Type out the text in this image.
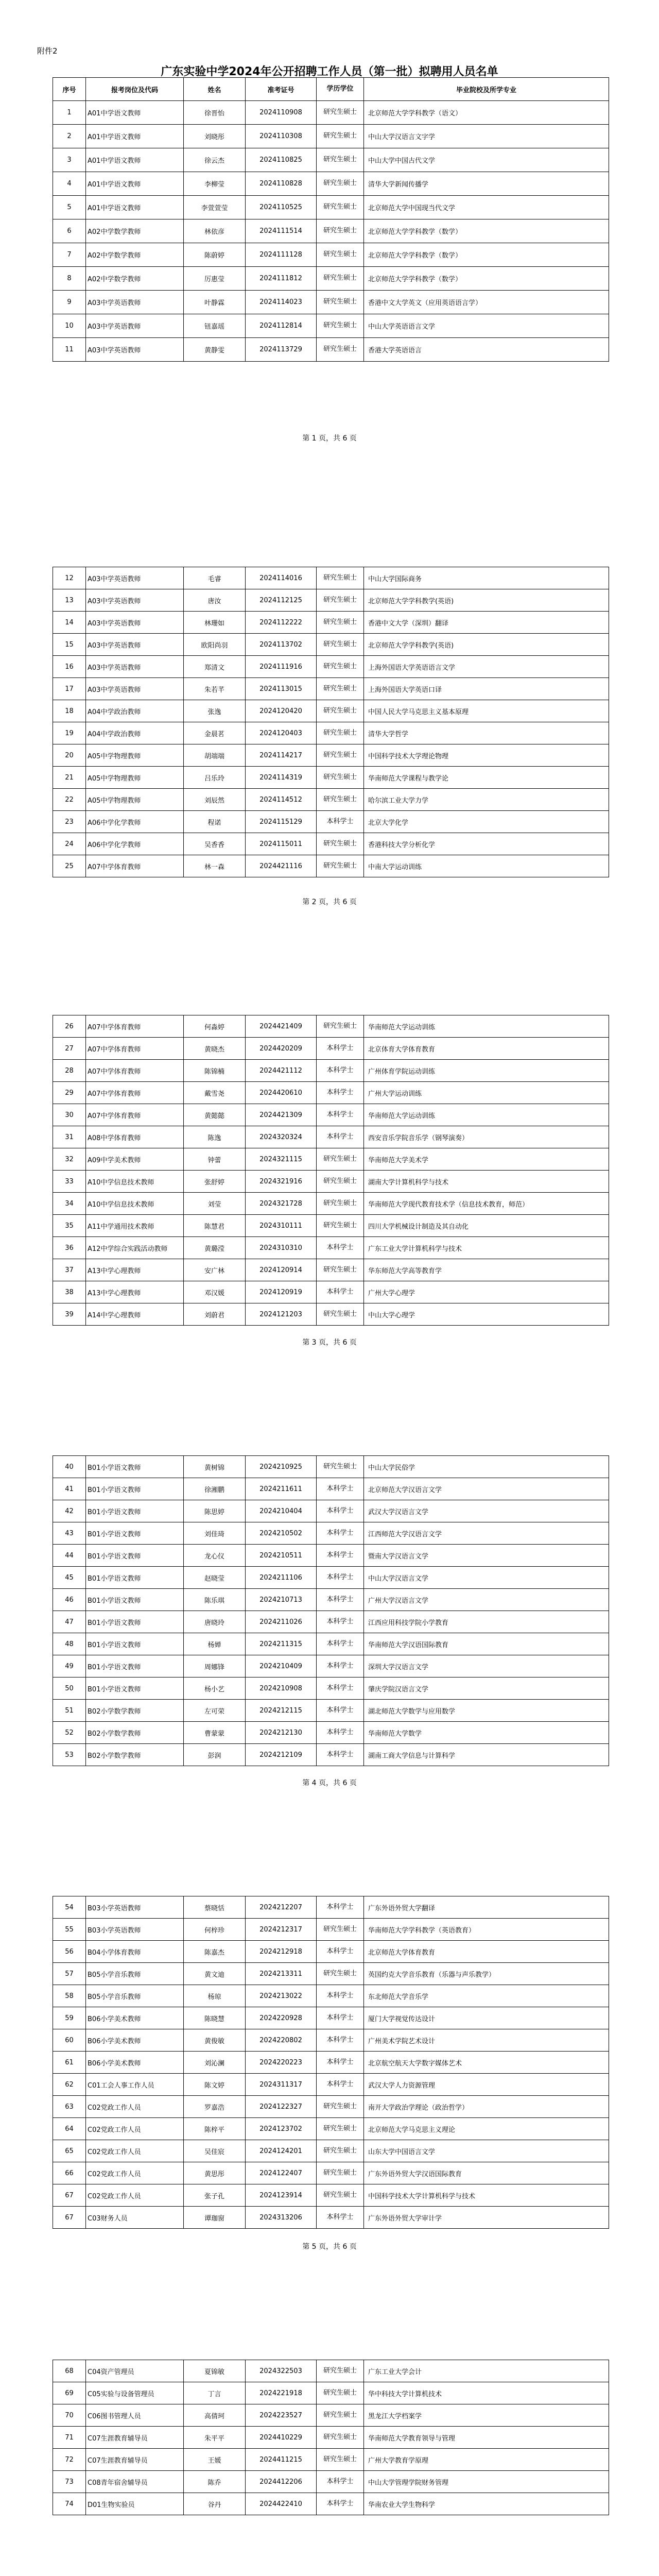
附件2
广东实验中学2024年公开招聘工作人员（第一批）拟聘用人员名单
序号	报考岗位及代码	姓名	准考证号	学历学位	毕业院校及所学专业
1	A01中学语文教师	徐晋怡	2024110908	研究生硕士	北京师范大学学科教学（语文）
2	A01中学语文教师	刘晓彤	2024110308	研究生硕士	中山大学汉语言文字学
3	A01中学语文教师	徐云杰	2024110825	研究生硕士	中山大学中国古代文学
4	A01中学语文教师	李柳莹	2024110828	研究生硕士	清华大学新闻传播学
5	A01中学语文教师	李萱萱莹	2024110525	研究生硕士	北京师范大学中国现当代文学
6	A02中学数学教师	林依彦	2024111514	研究生硕士	北京师范大学学科教学（数学）
7	A02中学数学教师	陈蔚婷	2024111128	研究生硕士	北京师范大学学科教学（数学）
8	A02中学数学教师	厉惠莹	2024111812	研究生硕士	北京师范大学学科教学（数学）
9	A03中学英语教师	叶静霖	2024114023	研究生硕士	香港中文大学英文（应用英语语言学）
10	A03中学英语教师	钮嘉瑶	2024112814	研究生硕士	中山大学英语语言文学
11	A03中学英语教师	黄静雯	2024113729	研究生硕士	香港大学英语语言
第 1 页，共 6 页
12	A03中学英语教师	毛睿	2024114016	研究生硕士	中山大学国际商务
13	A03中学英语教师	唐汝	2024112125	研究生硕士	北京师范大学学科教学(英语)
14	A03中学英语教师	林珊如	2024112222	研究生硕士	香港中文大学（深圳）翻译
15	A03中学英语教师	欧阳尚羽	2024113702	研究生硕士	北京师范大学学科教学(英语)
16	A03中学英语教师	郑清文	2024111916	研究生硕士	上海外国语大学英语语言文学
17	A03中学英语教师	朱若芊	2024113015	研究生硕士	上海外国语大学英语口译
18	A04中学政治教师	张逸	2024120420	研究生硕士	中国人民大学马克思主义基本原理
19	A04中学政治教师	金晨茗	2024120403	研究生硕士	清华大学哲学
20	A05中学物理教师	胡端端	2024114217	研究生硕士	中国科学技术大学理论物理
21	A05中学物理教师	吕乐玲	2024114319	研究生硕士	华南师范大学课程与教学论
22	A05中学物理教师	刘辰然	2024114512	研究生硕士	哈尔滨工业大学力学
23	A06中学化学教师	程诺	2024115129	本科学士	北京大学化学
24	A06中学化学教师	吴香香	2024115011	研究生硕士	香港科技大学分析化学
25	A07中学体育教师	林一森	2024421116	研究生硕士	中南大学运动训练
第 2 页，共 6 页
26	A07中学体育教师	何淼婷	2024421409	研究生硕士	华南师范大学运动训练
27	A07中学体育教师	黄晓杰	2024420209	本科学士	北京体育大学体育教育
28	A07中学体育教师	陈锦楠	2024421112	本科学士	广州体育学院运动训练
29	A07中学体育教师	戴雪尧	2024420610	本科学士	广州大学运动训练
30	A07中学体育教师	黄懿懿	2024421309	本科学士	华南师范大学运动训练
31	A08中学体育教师	陈逸	2024320324	本科学士	西安音乐学院音乐学（钢琴演奏）
32	A09中学美术教师	钟蕾	2024321115	研究生硕士	华南师范大学美术学
33	A10中学信息技术教师	张舒婷	2024321916	研究生硕士	湖南大学计算机科学与技术
34	A10中学信息技术教师	刘莹	2024321728	研究生硕士	华南师范大学现代教育技术学（信息技术教育，师范）
35	A11中学通用技术教师	陈慧君	2024310111	研究生硕士	四川大学机械设计制造及其自动化
36	A12中学综合实践活动教师	黄璐滢	2024310310	本科学士	广东工业大学计算机科学与技术
37	A13中学心理教师	安广林	2024120914	研究生硕士	华东师范大学高等教育学
38	A13中学心理教师	邓汉媛	2024120919	本科学士	广州大学心理学
39	A14中学心理教师	刘蔚君	2024121203	研究生硕士	中山大学心理学
第 3 页，共 6 页
40	B01小学语文教师	黄树锦	2024210925	研究生硕士	中山大学民俗学
41	B01小学语文教师	徐湘鹏	2024211611	本科学士	北京师范大学汉语言文学
42	B01小学语文教师	陈思婷	2024210404	本科学士	武汉大学汉语言文学
43	B01小学语文教师	刘佳琦	2024210502	本科学士	江西师范大学汉语言文学
44	B01小学语文教师	龙心仪	2024210511	本科学士	暨南大学汉语言文学
45	B01小学语文教师	赵晓莹	2024211106	本科学士	中山大学汉语言文学
46	B01小学语文教师	陈乐琪	2024210713	本科学士	广州大学汉语言文学
47	B01小学语文教师	唐晓玲	2024211026	本科学士	江西应用科技学院小学教育
48	B01小学语文教师	杨婵	2024211315	本科学士	华南师范大学汉语国际教育
49	B01小学语文教师	周娜锋	2024210409	本科学士	深圳大学汉语言文学
50	B01小学语文教师	杨小艺	2024210908	本科学士	肇庆学院汉语言文学
51	B02小学数学教师	左可荣	2024212115	本科学士	湖北师范大学数学与应用数学
52	B02小学数学教师	曹蒙蒙	2024212130	本科学士	华南师范大学数学
53	B02小学数学教师	彭润	2024212109	本科学士	湖南工商大学信息与计算科学
第 4 页，共 6 页
54	B03小学英语教师	蔡晓恬	2024212207	本科学士	广东外语外贸大学翻译
55	B03小学英语教师	何梓珍	2024212317	研究生硕士	华南师范大学学科教学（英语教育）
56	B04小学体育教师	陈嘉杰	2024212918	本科学士	北京师范大学体育教育
57	B05小学音乐教师	黄文迪	2024213311	研究生硕士	英国约克大学音乐教育（乐器与声乐教学）
58	B05小学音乐教师	杨琼	2024213022	本科学士	东北师范大学音乐学
59	B06小学美术教师	陈晓慧	2024220928	本科学士	厦门大学视觉传达设计
60	B06小学美术教师	黄俊敏	2024220802	本科学士	广州美术学院艺术设计
61	B06小学美术教师	刘沁澜	2024220223	本科学士	北京航空航天大学数字媒体艺术
62	C01工会人事工作人员	陈文婷	2024311317	本科学士	武汉大学人力资源管理
63	C02党政工作人员	罗嘉浩	2024122327	研究生硕士	南开大学政治学理论（政治哲学）
64	C02党政工作人员	陈梓平	2024123702	研究生硕士	北京师范大学马克思主义理论
65	C02党政工作人员	吴佳宸	2024124201	研究生硕士	山东大学中国语言文学
66	C02党政工作人员	黄思彤	2024122407	研究生硕士	广东外语外贸大学汉语国际教育
67	C02党政工作人员	张子孔	2024123914	研究生硕士	中国科学技术大学计算机科学与技术
67	C03财务人员	谭珈窗	2024313206	本科学士	广东外语外贸大学审计学
第 5 页，共 6 页
68	C04资产管理员	夏锦敏	2024322503	研究生硕士	广东工业大学会计
69	C05实验与设备管理员	丁言	2024221918	研究生硕士	华中科技大学计算机技术
70	C06图书管理人员	高倩珂	2024223527	研究生硕士	黑龙江大学档案学
71	C07生涯教育辅导员	朱平平	2024410229	研究生硕士	华南师范大学教育领导与管理
72	C07生涯教育辅导员	王媛	2024411215	研究生硕士	广州大学教育学原理
73	C08青年宿舍辅导员	陈乔	2024412206	本科学士	中山大学管理学院财务管理
74	D01生物实验员	谷丹	2024422410	本科学士	华南农业大学生物科学
